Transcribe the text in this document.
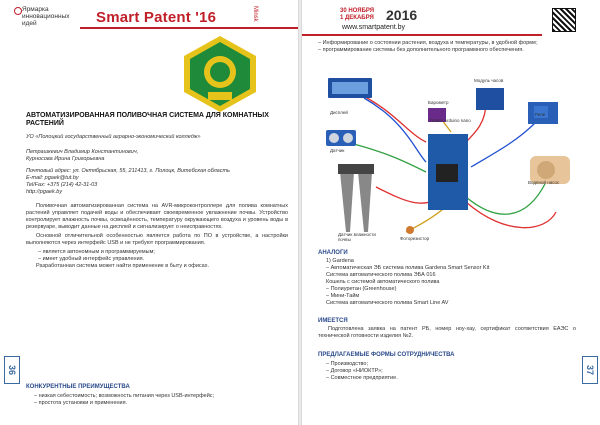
Ярмарка
инновационных
идей	Smart Patent '16	Minsk
АВТОМАТИЗИРОВАННАЯ ПОЛИВОЧНАЯ СИСТЕМА ДЛЯ КОМНАТНЫХ РАСТЕНИЙ
УО «Полоцкий государственный аграрно-экономический колледж»
Петрашкевич Владимир Константинович,
Курносова Ирина Григорьевна
Почтовый адрес: ул. Октябрьская, 55, 211413, г. Полоцк, Витебская область
E-mail: pgaek@tut.by
Tel/Fax: +375 (214) 42-31-03
http://pgaek.by

Поливочная автоматизированная система на AVR-микроконтроллере для полива комнатных растений управляет подачей воды и обеспечивает своевременное увлажнение почвы. Устройство контролирует влажность почвы, освещённость, температуру окружающего воздуха и уровень воды в резервуаре, выводит данные на дисплей и сигнализирует о неисправностях.

Основной отличительной особенностью является работа по ПО в устройстве, а настройки выполняются через интерфейс USB и не требуют программирования.

– является автономным и программируемым;

– имеет удобный интерфейс управления.

Разработанная система может найти применение в быту и офисах.

КОНКУРЕНТНЫЕ ПРЕИМУЩЕСТВА
– низкая себестоимость; возможность питания через USB-интерфейс;
– простота установки и применения.
36
30 НОЯБРЯ
1 ДЕКАБРЯ 2016
www.smartpatent.by
– Информирование о состоянии растения, воздуха и температуры, в удобной форме;
– программирование системы без дополнительного программного обеспечения.
Дисплей
Датчик
Барометр
Модуль часов
Плата Arduino nano
Реле
Водяной насос
Датчик влажности почвы	Фоторезистор
АНАЛОГИ
1) Gardena
– Автоматическая ЭБ система полива Gardena Smart Sensor Kit
Система автоматического полива ЭБА 016
Кошель с системой автоматического полива
– Полиуретан (Greenhouse)
– Мини-Тайм
Система автоматического полива Smart Line AV
ИМЕЕТСЯ
Подготовлена заявка на патент РБ, номер ноу-хау, сертификат соответствия ЕАЭС о технической готовности изделия №2.
ПРЕДЛАГАЕМЫЕ ФОРМЫ СОТРУДНИЧЕСТВА
– Производство;
– Договор «НИОКТР»;
– Совместное предприятие.
37
